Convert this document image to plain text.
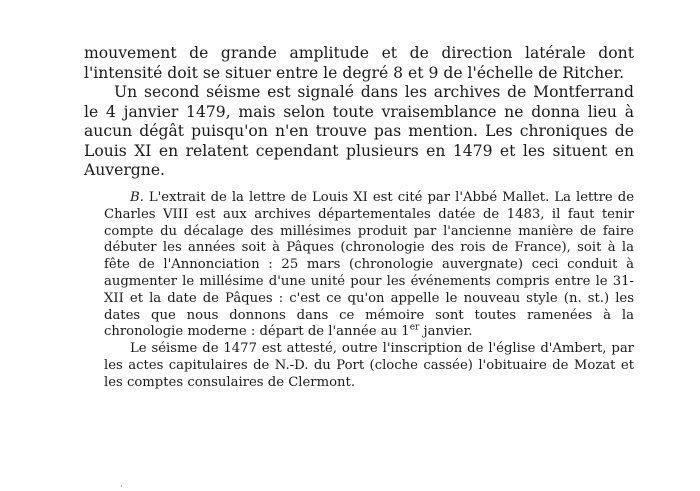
mouvement de grande amplitude et de direction latérale dont l'intensité doit se situer entre le degré 8 et 9 de l'échelle de Ritcher.

Un second séisme est signalé dans les archives de Montferrand le 4 janvier 1479, mais selon toute vraisemblance ne donna lieu à aucun dégât puisqu'on n'en trouve pas mention. Les chroniques de Louis XI en relatent cependant plusieurs en 1479 et les situent en Auvergne.

B. L'extrait de la lettre de Louis XI est cité par l'Abbé Mallet. La lettre de Charles VIII est aux archives départementales datée de 1483, il faut tenir compte du décalage des millésimes produit par l'ancienne manière de faire débuter les années soit à Pâques (chronologie des rois de France), soit à la fête de l'Annonciation : 25 mars (chronologie auvergnate) ceci conduit à augmenter le millésime d'une unité pour les événements compris entre le 31-XII et la date de Pâques : c'est ce qu'on appelle le nouveau style (n. st.) les dates que nous donnons dans ce mémoire sont toutes ramenées à la chronologie moderne : départ de l'année au 1er janvier.

Le séisme de 1477 est attesté, outre l'inscription de l'église d'Ambert, par les actes capitulaires de N.-D. du Port (cloche cassée) l'obituaire de Mozat et les comptes consulaires de Clermont.

·
